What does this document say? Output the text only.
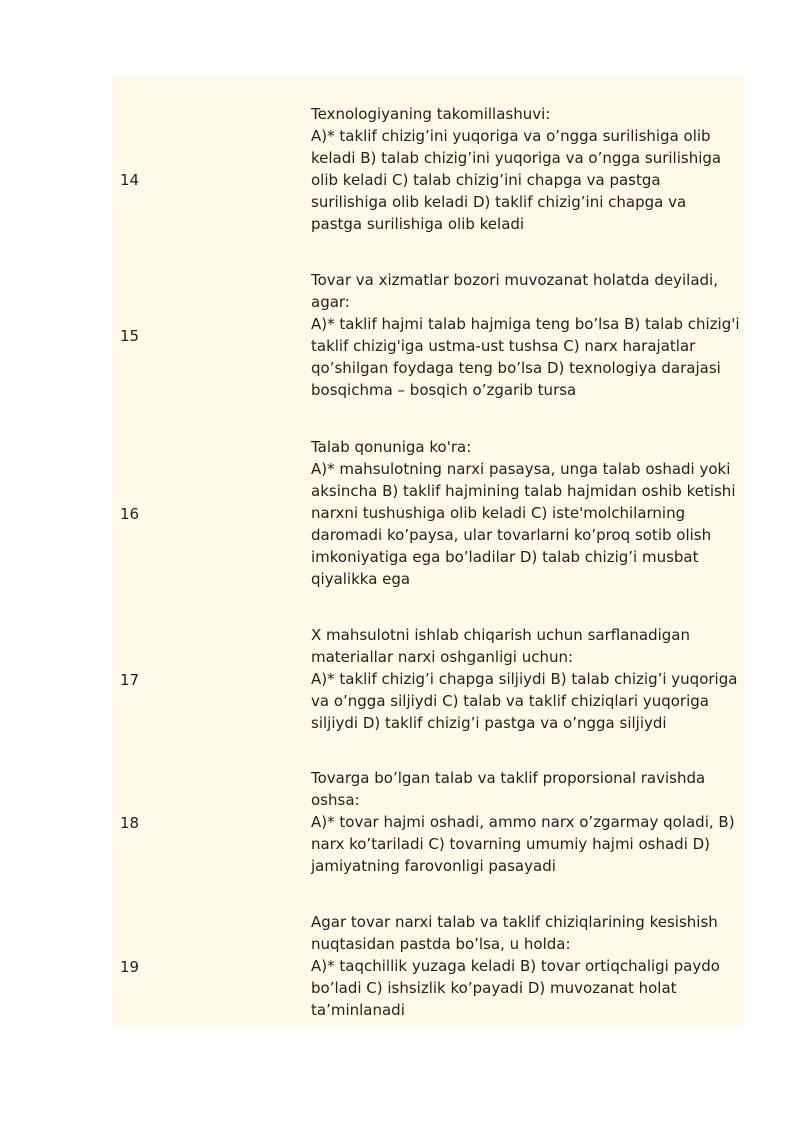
14
Texnologiyaning takomillashuvi:
A)* taklif chizig’ini yuqoriga va o’ngga surilishiga olib
keladi B) talab chizig’ini yuqoriga va o’ngga surilishiga
olib keladi C) talab chizig’ini chapga va pastga
surilishiga olib keladi D) taklif chizig’ini chapga va
pastga surilishiga olib keladi
15
Tovar va xizmatlar bozori muvozanat holatda deyiladi,
agar:
A)* taklif hajmi talab hajmiga teng bo’lsa B) talab chizig'i
taklif chizig'iga ustma-ust tushsa C) narx harajatlar
qo’shilgan foydaga teng bo’lsa D) texnologiya darajasi
bosqichma – bosqich o’zgarib tursa
16
Talab qonuniga ko'ra:
A)* mahsulotning narxi pasaysa, unga talab oshadi yoki
aksincha B) taklif hajmining talab hajmidan oshib ketishi
narxni tushushiga olib keladi C) iste'molchilarning
daromadi ko’paysa, ular tovarlarni ko’proq sotib olish
imkoniyatiga ega bo’ladilar D) talab chizig’i musbat
qiyalikka ega
17
X mahsulotni ishlab chiqarish uchun sarflanadigan
materiallar narxi oshganligi uchun:
A)* taklif chizig’i chapga siljiydi B) talab chizig’i yuqoriga
va o’ngga siljiydi C) talab va taklif chiziqlari yuqoriga
siljiydi D) taklif chizig’i pastga va o’ngga siljiydi
18
Tovarga bo’lgan talab va taklif proporsional ravishda
oshsa:
A)* tovar hajmi oshadi, ammo narx o’zgarmay qoladi, B)
narx ko’tariladi C) tovarning umumiy hajmi oshadi D)
jamiyatning farovonligi pasayadi
19
Agar tovar narxi talab va taklif chiziqlarining kesishish
nuqtasidan pastda bo’lsa, u holda:
A)* taqchillik yuzaga keladi B) tovar ortiqchaligi paydo
bo’ladi C) ishsizlik ko’payadi D) muvozanat holat
ta’minlanadi
